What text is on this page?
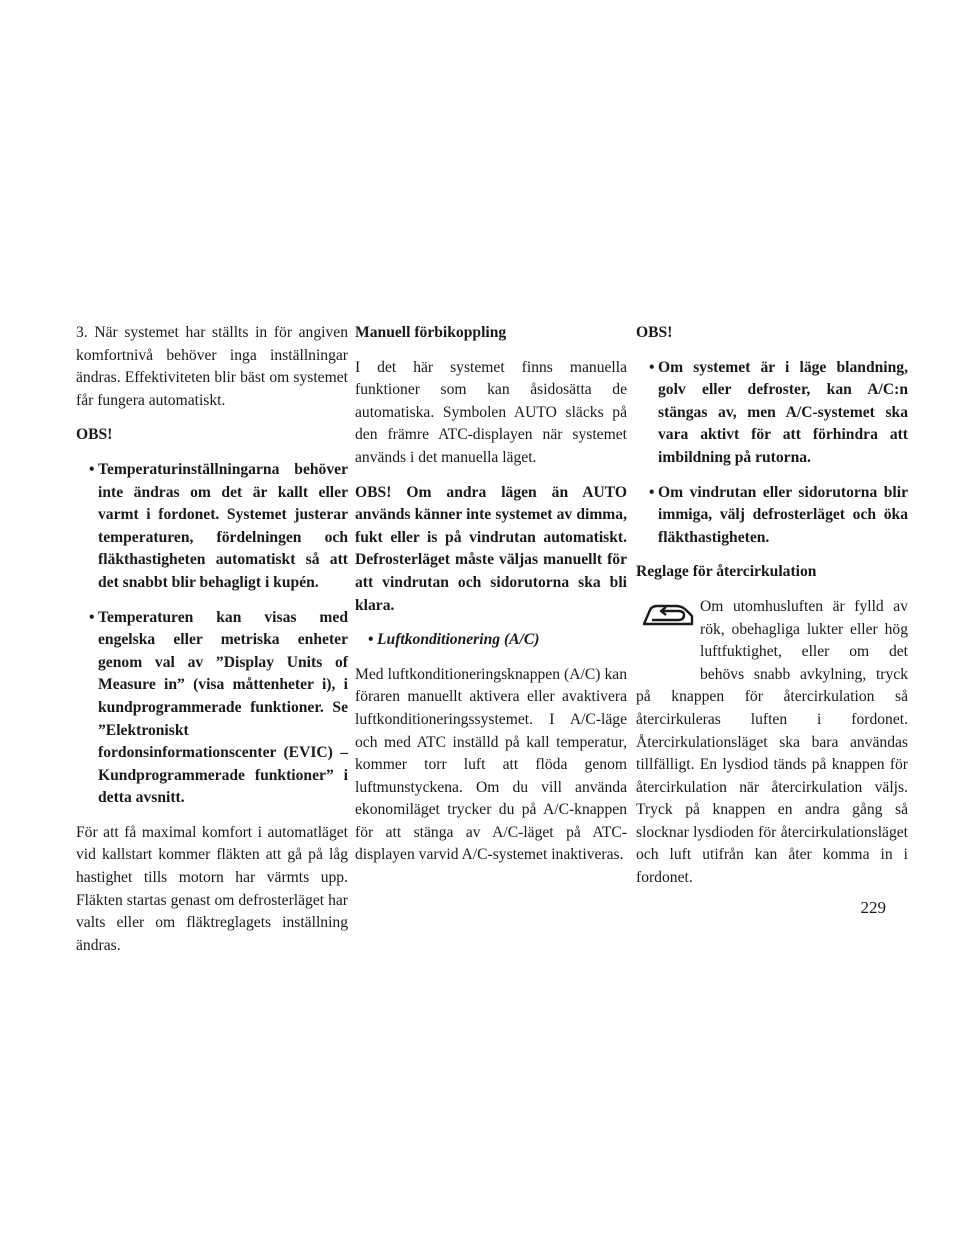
3. När systemet har ställts in för angiven komfortnivå behöver inga inställningar ändras. Effektiviteten blir bäst om systemet får fungera automatiskt.

OBS!

• Temperaturinställningarna behöver inte ändras om det är kallt eller varmt i fordonet. Systemet justerar temperaturen, fördelningen och fläkthastigheten automatiskt så att det snabbt blir behagligt i kupén.
• Temperaturen kan visas med engelska eller metriska enheter genom val av ”Display Units of Measure in” (visa måttenheter i), i kundprogrammerade funktioner. Se ”Elektroniskt fordonsinformationscenter (EVIC) – Kundprogrammerade funktioner” i detta avsnitt.

För att få maximal komfort i automatläget vid kallstart kommer fläkten att gå på låg hastighet tills motorn har värmts upp. Fläkten startas genast om defrosterläget har valts eller om fläktreglagets inställning ändras.

Manuell förbikoppling

I det här systemet finns manuella funktioner som kan åsidosätta de automatiska. Symbolen AUTO släcks på den främre ATC-displayen när systemet används i det manuella läget.

OBS! Om andra lägen än AUTO används känner inte systemet av dimma, fukt eller is på vindrutan automatiskt. Defrosterläget måste väljas manuellt för att vindrutan och sidorutorna ska bli klara.

• Luftkonditionering (A/C)

Med luftkonditioneringsknappen (A/C) kan föraren manuellt aktivera eller avaktivera luftkonditioneringssystemet. I A/C-läge och med ATC inställd på kall temperatur, kommer torr luft att flöda genom luftmunstyckena. Om du vill använda ekonomiläget trycker du på A/C-knappen för att stänga av A/C-läget på ATC-displayen varvid A/C-systemet inaktiveras.

OBS!

• Om systemet är i läge blandning, golv eller defroster, kan A/C:n stängas av, men A/C-systemet ska vara aktivt för att förhindra att imbildning på rutorna.
• Om vindrutan eller sidorutorna blir immiga, välj defrosterläget och öka fläkthastigheten.

Reglage för återcirkulation

Om utomhusluften är fylld av rök, obehagliga lukter eller hög luftfuktighet, eller om det behövs snabb avkylning, tryck på knappen för återcirkulation så återcirkuleras luften i fordonet. Återcirkulationsläget ska bara användas tillfälligt. En lysdiod tänds på knappen för återcirkulation när återcirkulation väljs. Tryck på knappen en andra gång så slocknar lysdioden för återcirkulationsläget och luft utifrån kan åter komma in i fordonet.

229
